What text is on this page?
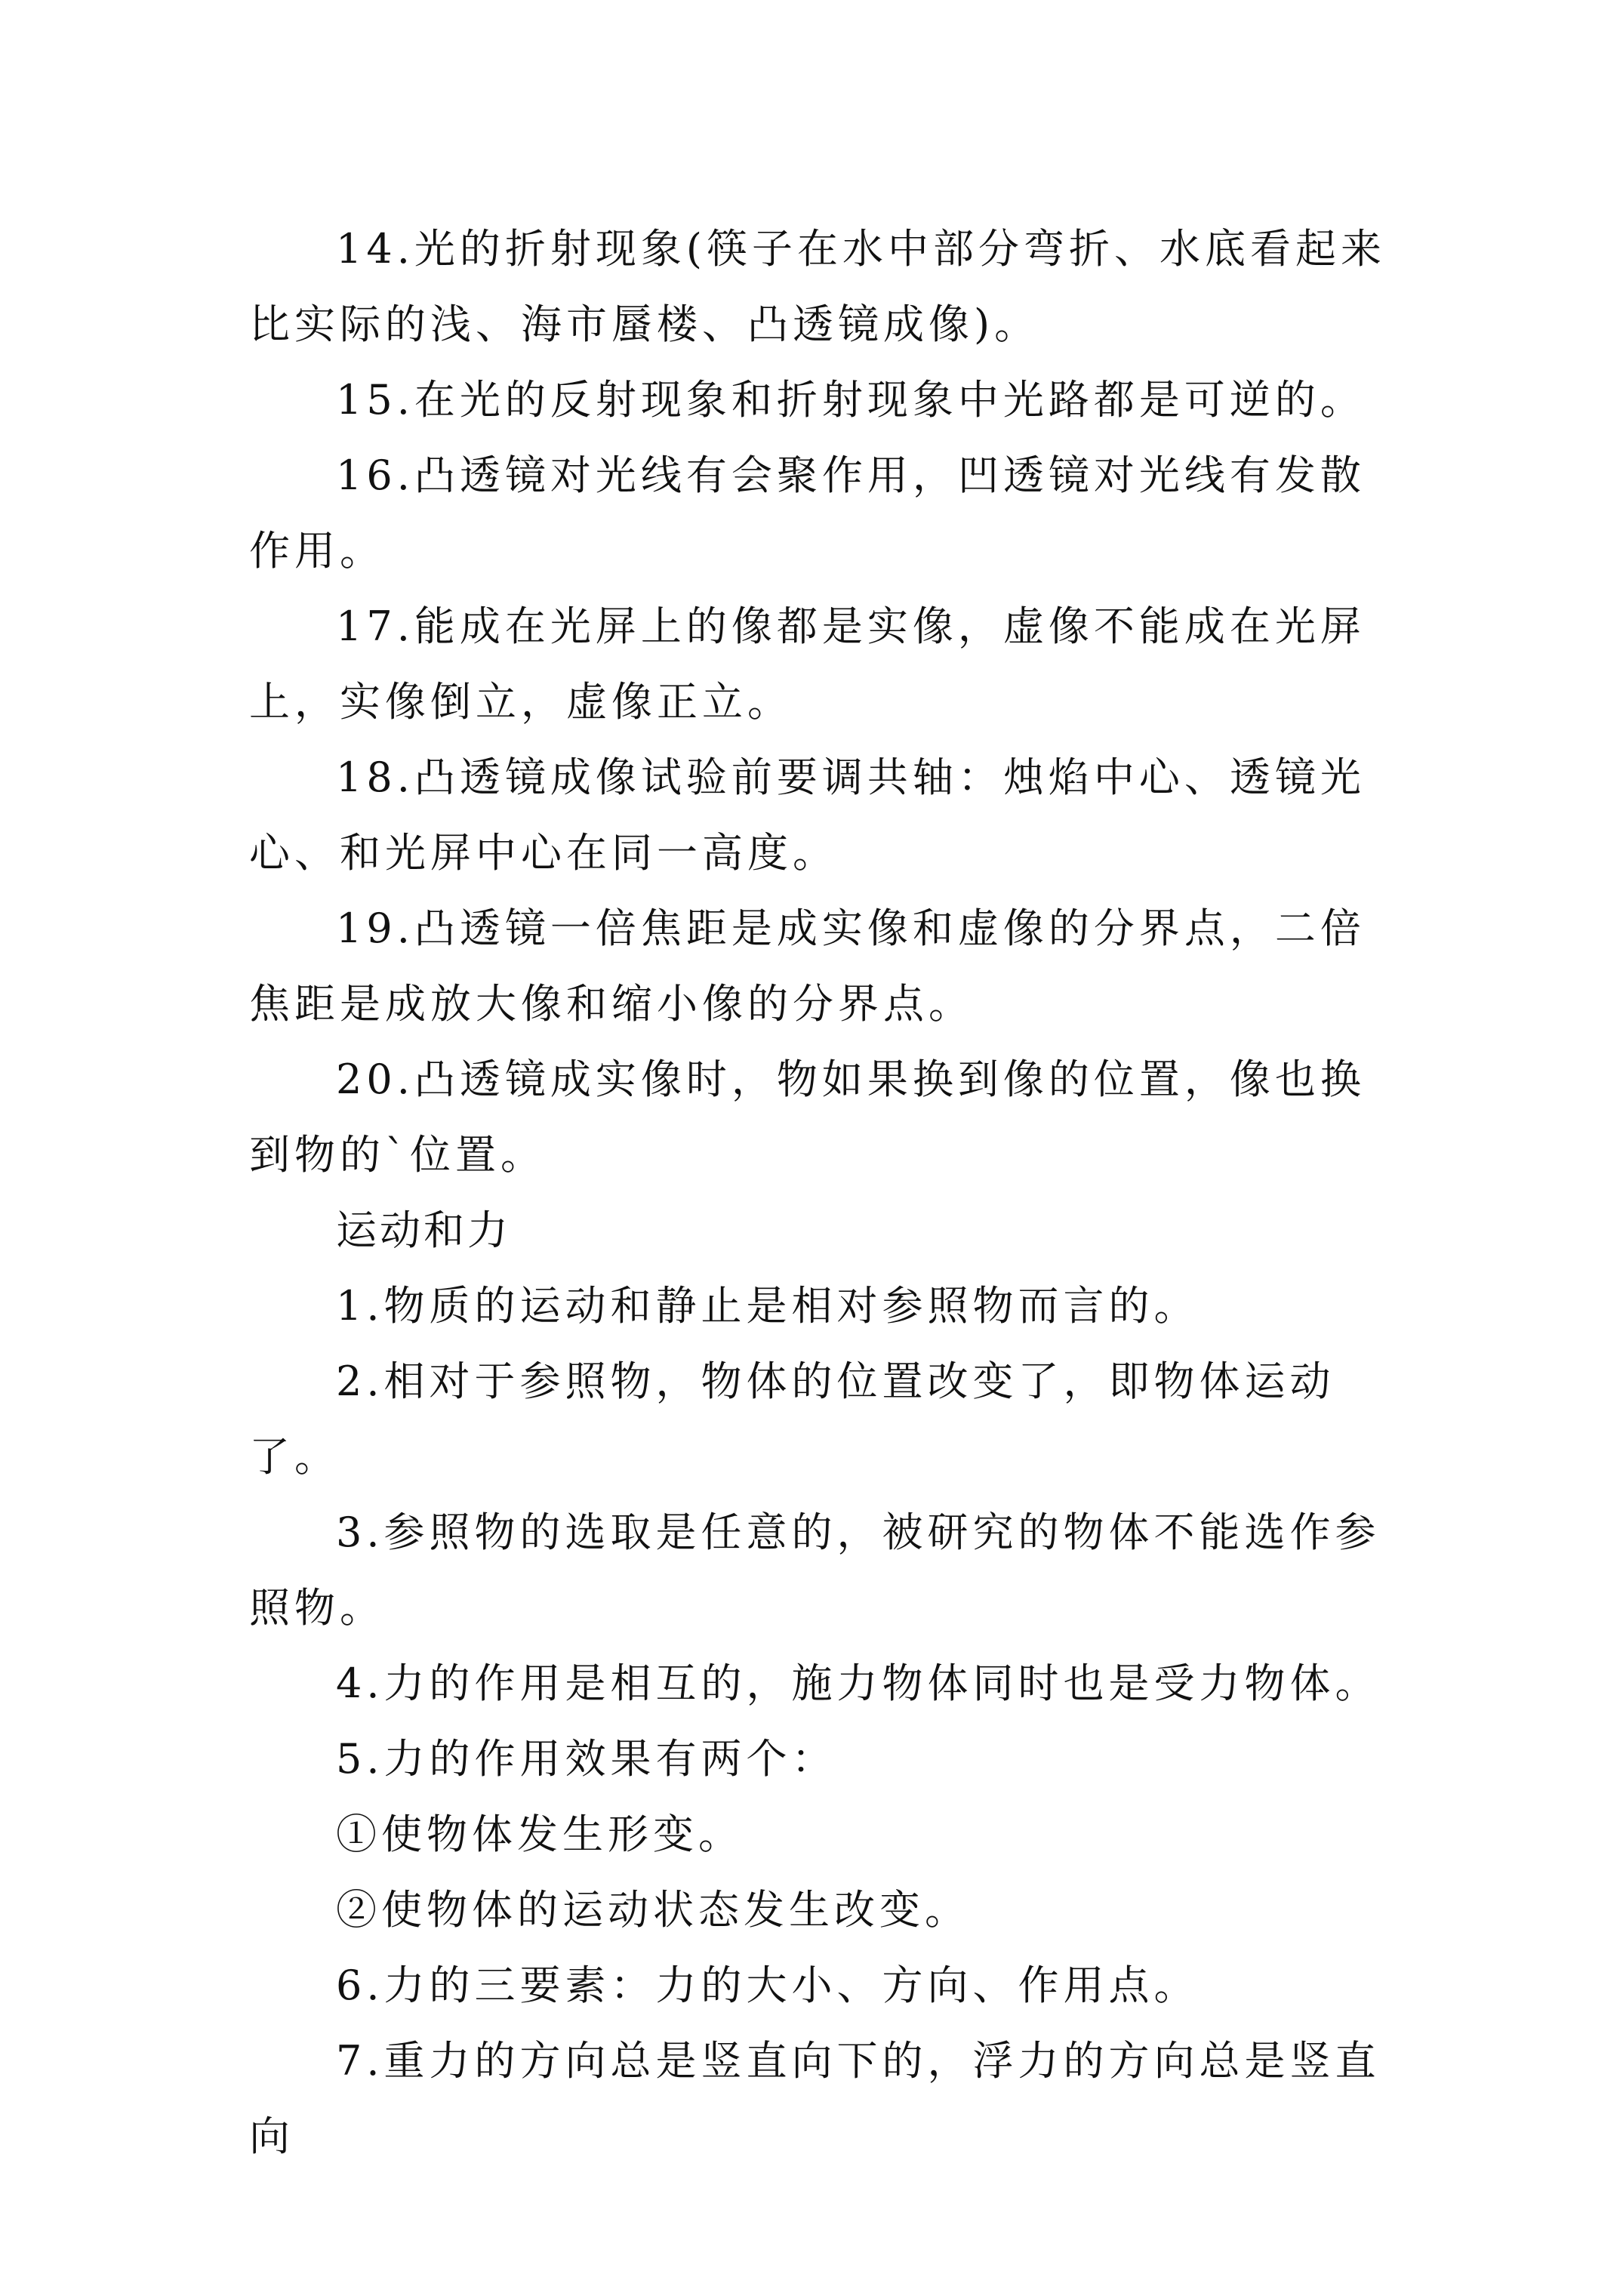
14.光的折射现象(筷子在水中部分弯折、水底看起来比实际的浅、海市蜃楼、凸透镜成像)。

15.在光的反射现象和折射现象中光路都是可逆的。

16.凸透镜对光线有会聚作用，凹透镜对光线有发散作用。

17.能成在光屏上的像都是实像，虚像不能成在光屏上，实像倒立，虚像正立。

18.凸透镜成像试验前要调共轴：烛焰中心、透镜光心、和光屏中心在同一高度。

19.凸透镜一倍焦距是成实像和虚像的分界点，二倍焦距是成放大像和缩小像的分界点。

20.凸透镜成实像时，物如果换到像的位置，像也换到物的`位置。

运动和力

1.物质的运动和静止是相对参照物而言的。

2.相对于参照物，物体的位置改变了，即物体运动了。

3.参照物的选取是任意的，被研究的物体不能选作参照物。

4.力的作用是相互的，施力物体同时也是受力物体。

5.力的作用效果有两个：

①使物体发生形变。

②使物体的运动状态发生改变。

6.力的三要素：力的大小、方向、作用点。

7.重力的方向总是竖直向下的，浮力的方向总是竖直向
